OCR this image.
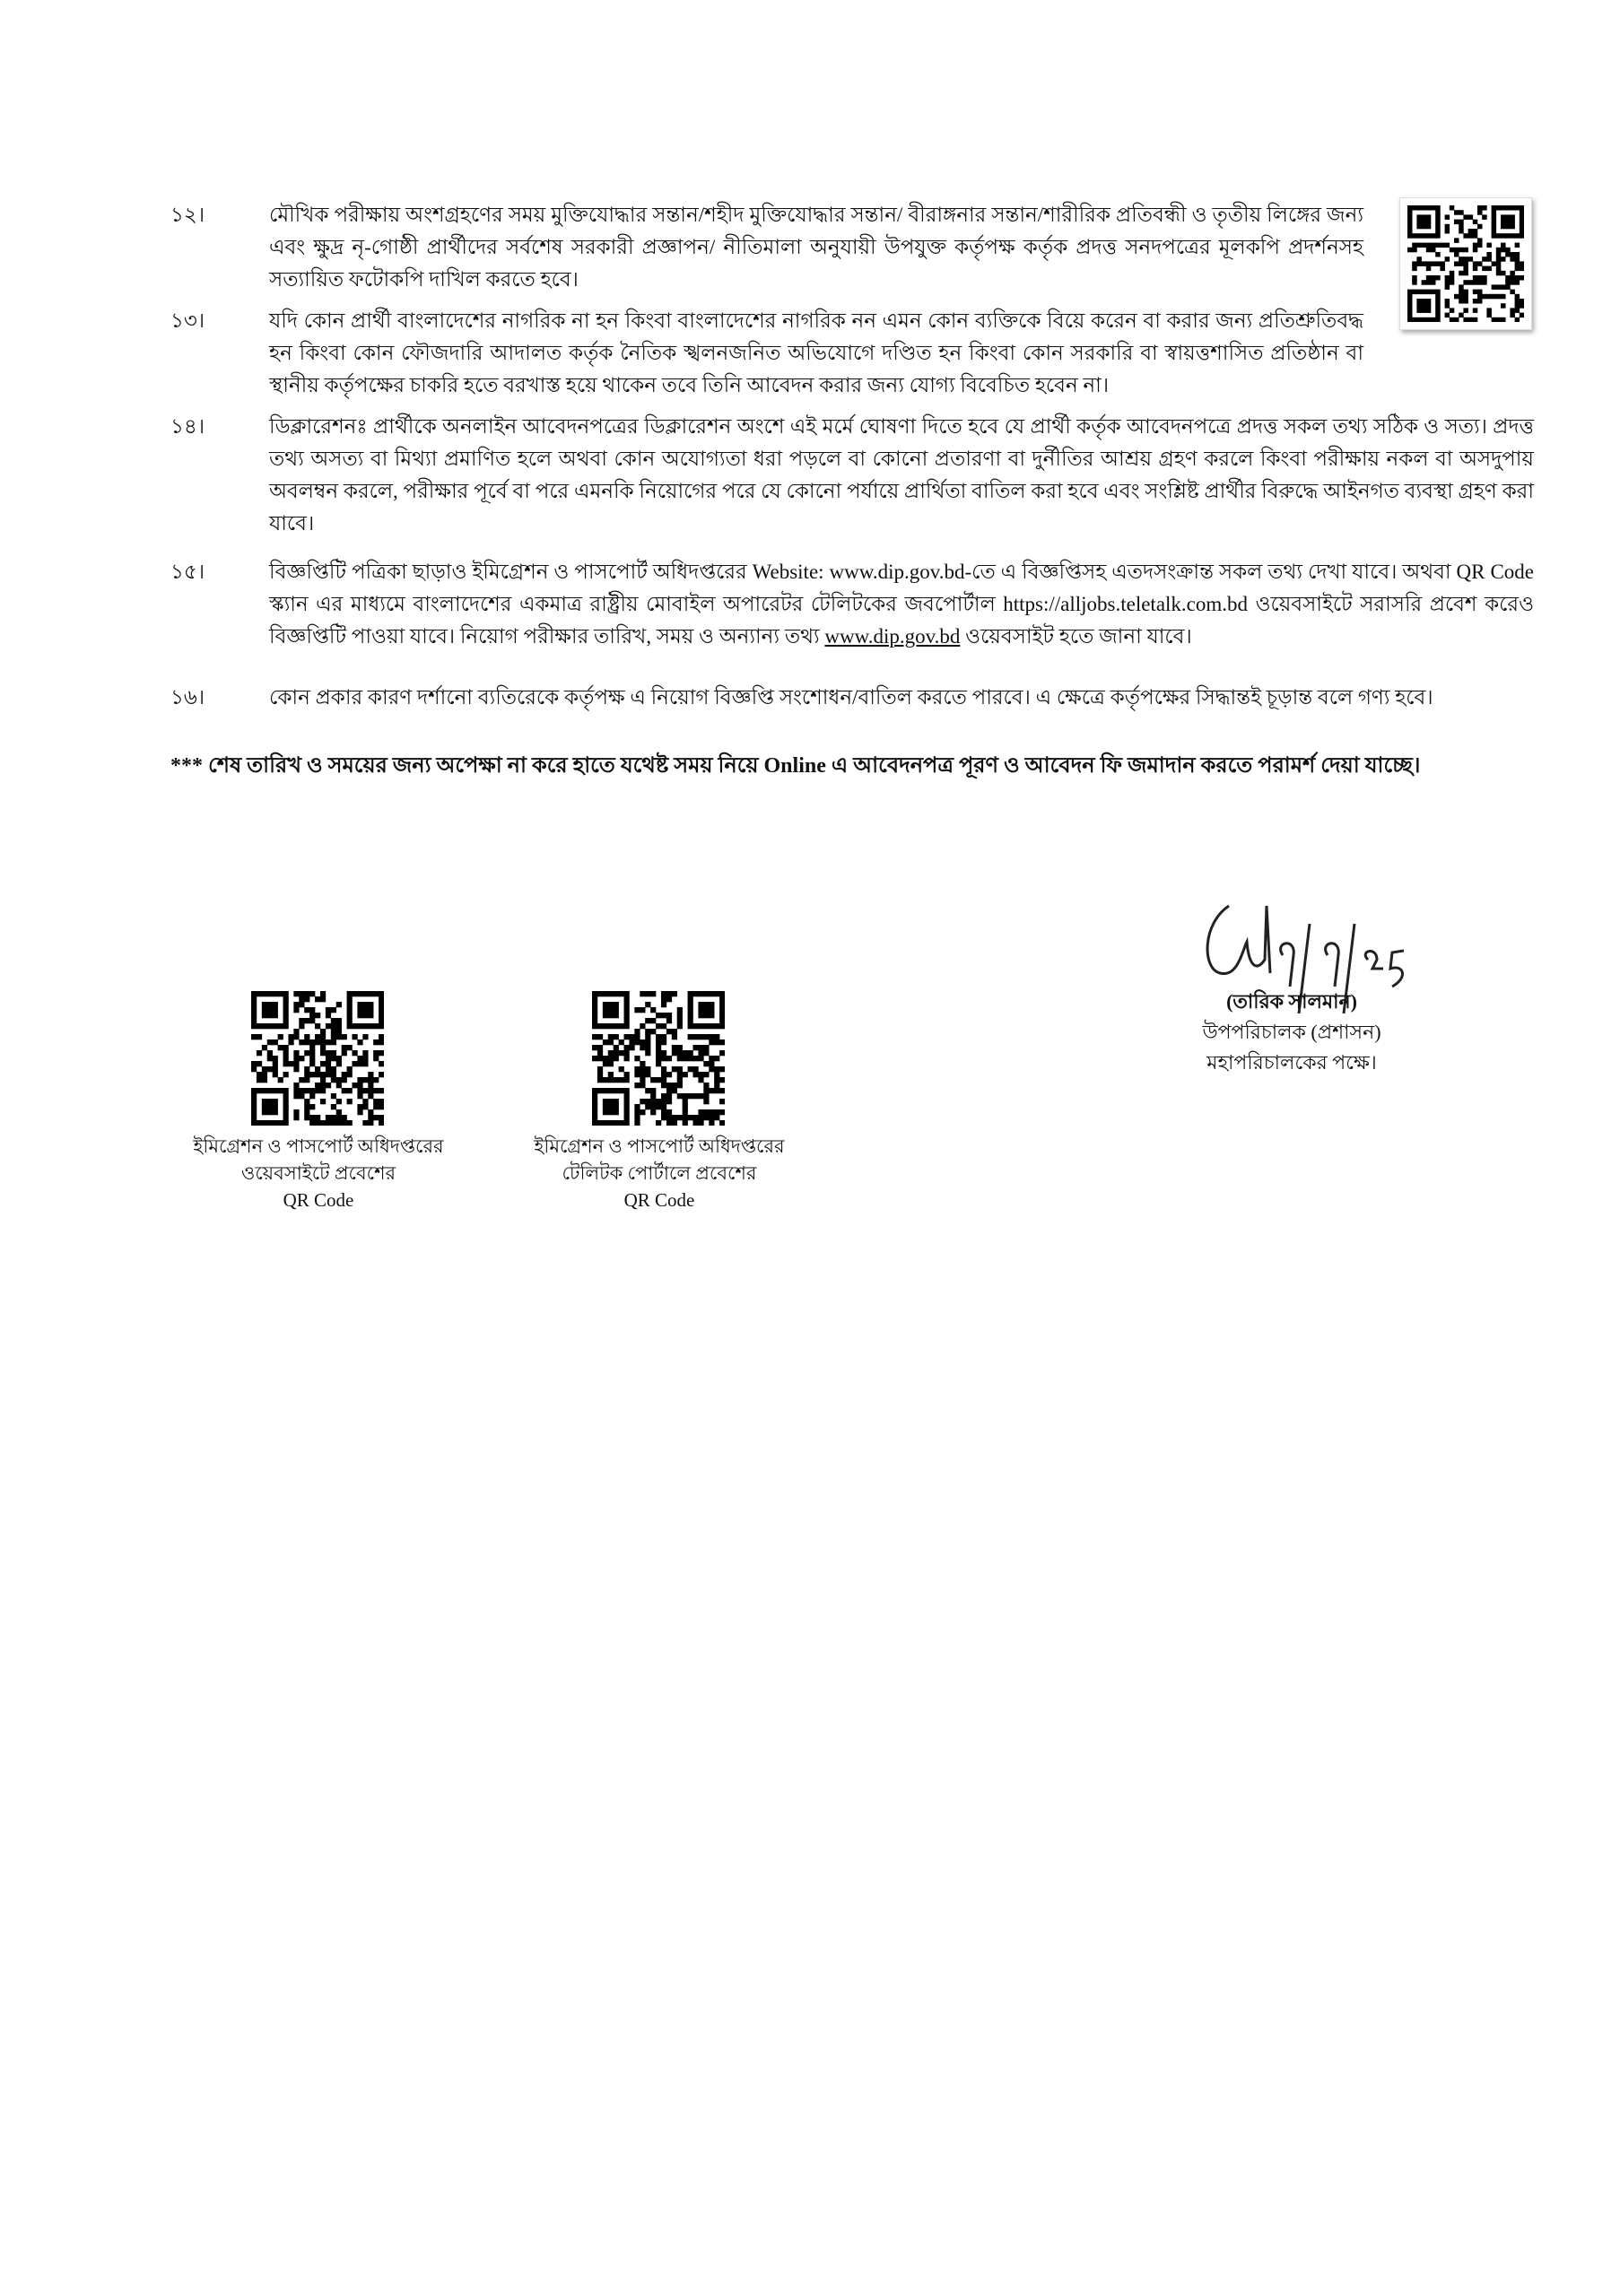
১২।	মৌখিক পরীক্ষায় অংশগ্রহণের সময় মুক্তিযোদ্ধার সন্তান/শহীদ মুক্তিযোদ্ধার সন্তান/ বীরাঙ্গনার সন্তান/শারীরিক প্রতিবন্ধী ও তৃতীয় লিঙ্গের জন্য এবং ক্ষুদ্র নৃ-গোষ্ঠী প্রার্থীদের সর্বশেষ সরকারী প্রজ্ঞাপন/ নীতিমালা অনুযায়ী উপযুক্ত কর্তৃপক্ষ কর্তৃক প্রদত্ত সনদপত্রের মূলকপি প্রদর্শনসহ সত্যায়িত ফটোকপি দাখিল করতে হবে।
১৩।	যদি কোন প্রার্থী বাংলাদেশের নাগরিক না হন কিংবা বাংলাদেশের নাগরিক নন এমন কোন ব্যক্তিকে বিয়ে করেন বা করার জন্য প্রতিশ্রুতিবদ্ধ হন কিংবা কোন ফৌজদারি আদালত কর্তৃক নৈতিক স্খলনজনিত অভিযোগে দণ্ডিত হন কিংবা কোন সরকারি বা স্বায়ত্তশাসিত প্রতিষ্ঠান বা স্থানীয় কর্তৃপক্ষের চাকরি হতে বরখাস্ত হয়ে থাকেন তবে তিনি আবেদন করার জন্য যোগ্য বিবেচিত হবেন না।
১৪।	ডিক্লারেশনঃ প্রার্থীকে অনলাইন আবেদনপত্রের ডিক্লারেশন অংশে এই মর্মে ঘোষণা দিতে হবে যে প্রার্থী কর্তৃক আবেদনপত্রে প্রদত্ত সকল তথ্য সঠিক ও সত্য। প্রদত্ত তথ্য অসত্য বা মিথ্যা প্রমাণিত হলে অথবা কোন অযোগ্যতা ধরা পড়লে বা কোনো প্রতারণা বা দুর্নীতির আশ্রয় গ্রহণ করলে কিংবা পরীক্ষায় নকল বা অসদুপায় অবলম্বন করলে, পরীক্ষার পূর্বে বা পরে এমনকি নিয়োগের পরে যে কোনো পর্যায়ে প্রার্থিতা বাতিল করা হবে এবং সংশ্লিষ্ট প্রার্থীর বিরুদ্ধে আইনগত ব্যবস্থা গ্রহণ করা যাবে।
১৫।	বিজ্ঞপ্তিটি পত্রিকা ছাড়াও ইমিগ্রেশন ও পাসপোর্ট অধিদপ্তরের Website: www.dip.gov.bd-তে এ বিজ্ঞপ্তিসহ এতদসংক্রান্ত সকল তথ্য দেখা যাবে। অথবা QR Code স্ক্যান এর মাধ্যমে বাংলাদেশের একমাত্র রাষ্ট্রীয় মোবাইল অপারেটর টেলিটকের জবপোর্টাল https://alljobs.teletalk.com.bd ওয়েবসাইটে সরাসরি প্রবেশ করেও বিজ্ঞপ্তিটি পাওয়া যাবে। নিয়োগ পরীক্ষার তারিখ, সময় ও অন্যান্য তথ্য www.dip.gov.bd ওয়েবসাইট হতে জানা যাবে।
১৬।	কোন প্রকার কারণ দর্শানো ব্যতিরেকে কর্তৃপক্ষ এ নিয়োগ বিজ্ঞপ্তি সংশোধন/বাতিল করতে পারবে। এ ক্ষেত্রে কর্তৃপক্ষের সিদ্ধান্তই চূড়ান্ত বলে গণ্য হবে।
*** শেষ তারিখ ও সময়ের জন্য অপেক্ষা না করে হাতে যথেষ্ট সময় নিয়ে Online এ আবেদনপত্র পূরণ ও আবেদন ফি জমাদান করতে পরামর্শ দেয়া যাচ্ছে।
ইমিগ্রেশন ও পাসপোর্ট অধিদপ্তরের
ওয়েবসাইটে প্রবেশের
QR Code
ইমিগ্রেশন ও পাসপোর্ট অধিদপ্তরের
টেলিটক পোর্টালে প্রবেশের
QR Code
(তারিক সালমান)
উপপরিচালক (প্রশাসন)
মহাপরিচালকের পক্ষে।
